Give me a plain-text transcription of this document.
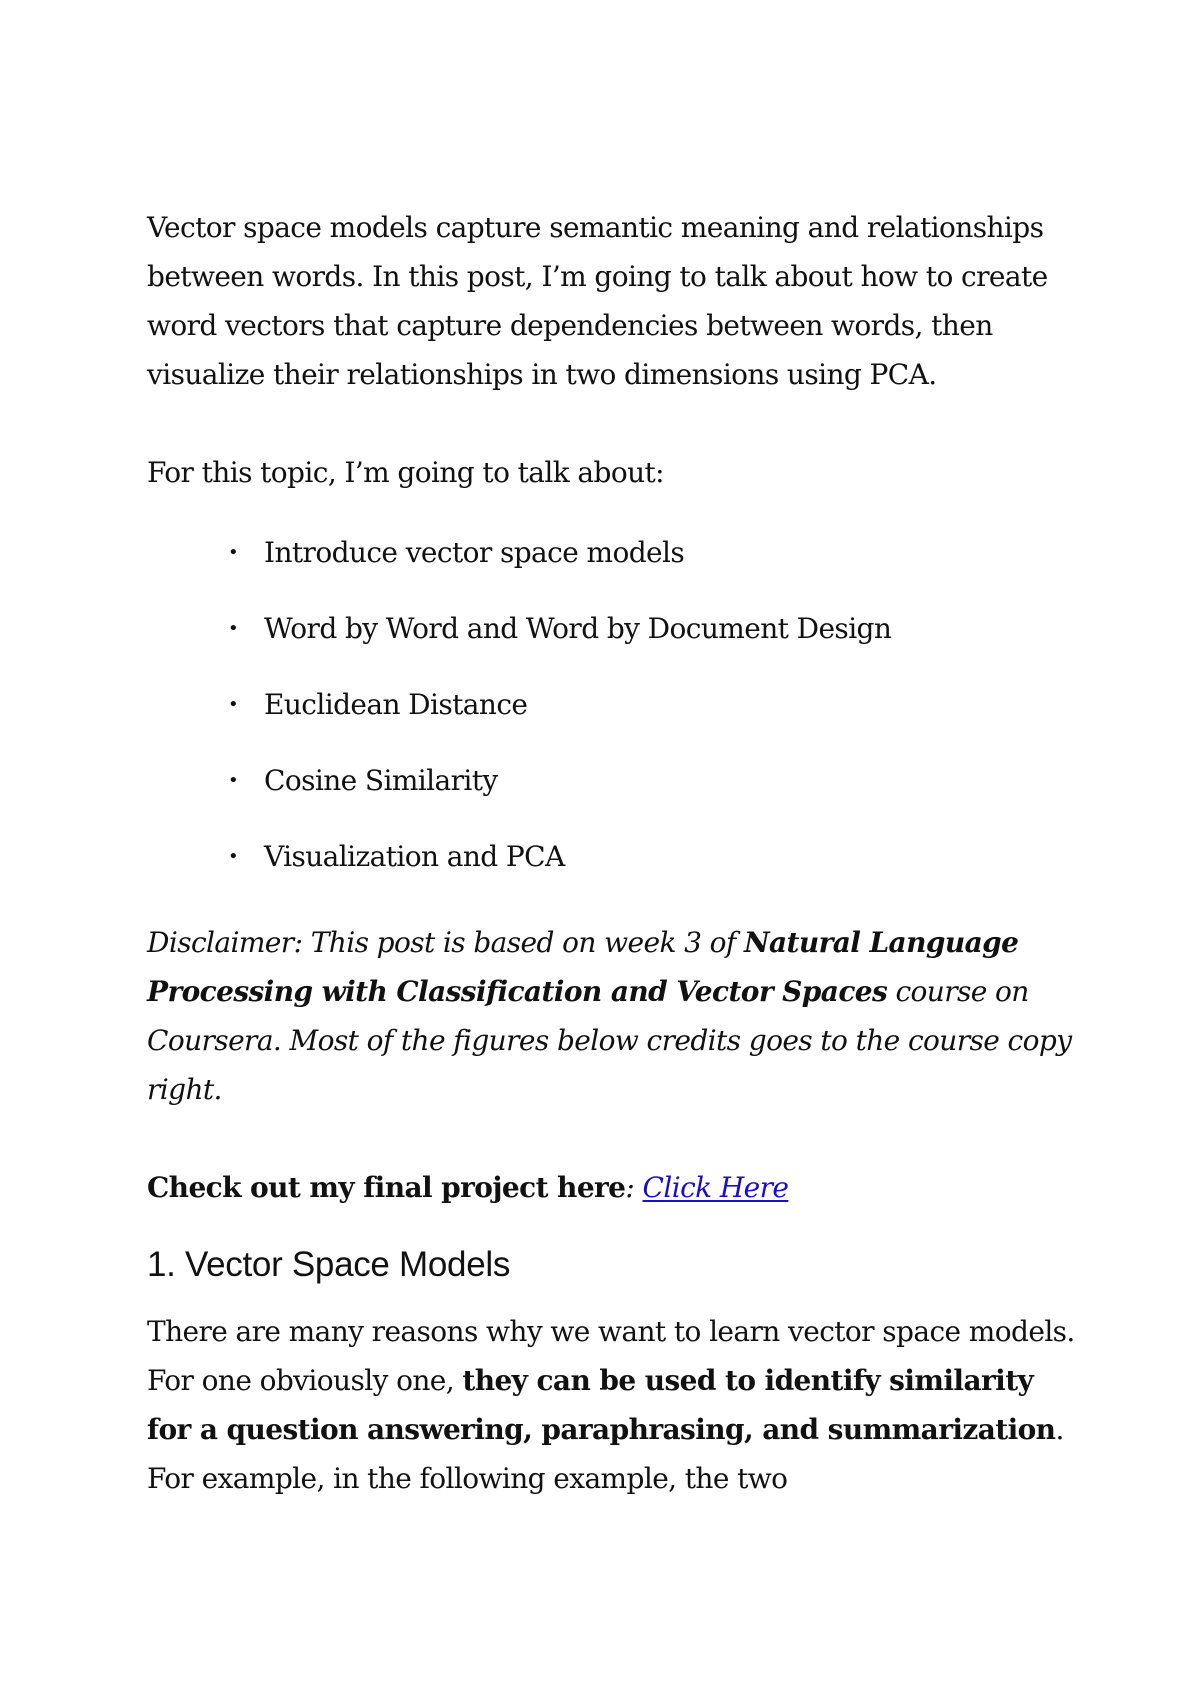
Vector space models capture semantic meaning and relationships between words. In this post, I’m going to talk about how to create word vectors that capture dependencies between words, then visualize their relationships in two dimensions using PCA.

For this topic, I’m going to talk about:

• Introduce vector space models
• Word by Word and Word by Document Design
• Euclidean Distance
• Cosine Similarity
• Visualization and PCA

Disclaimer: This post is based on week 3 of Natural Language Processing with Classification and Vector Spaces course on Coursera. Most of the figures below credits goes to the course copy right.

Check out my final project here: Click Here

1. Vector Space Models

There are many reasons why we want to learn vector space models. For one obviously one, they can be used to identify similarity for a question answering, paraphrasing, and summarization. For example, in the following example, the two
